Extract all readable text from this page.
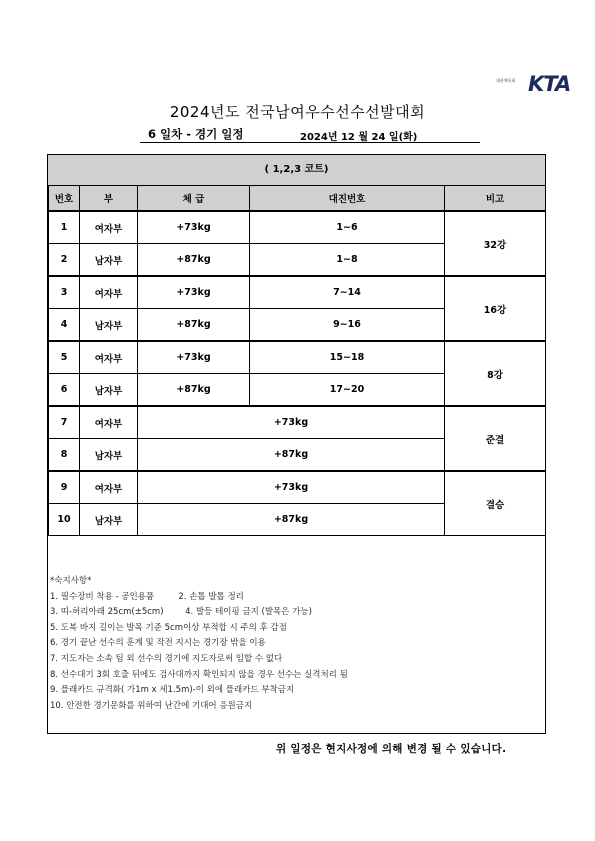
대한체육회 KTA
2024년도 전국남여우수선수선발대회
6 일차 - 경기 일정	2024년 12 월 24 일(화)
( 1,2,3 코트)
번호	부	체 급	대진번호	비고
1	여자부	+73kg	1~6	32강
2	남자부	+87kg	1~8	
3	여자부	+73kg	7~14	16강
4	남자부	+87kg	9~16	
5	여자부	+73kg	15~18	8강
6	남자부	+87kg	17~20	
7	여자부	+73kg		준결
8	남자부	+87kg		
9	여자부	+73kg		결승
10	남자부	+87kg		
*숙지사항*
1. 필수장비 착용 - 공인용품         2. 손톱 발톱 정리
3. 띠-허리아래 25cm(±5cm)        4. 발등 테이핑 금지 (발목은 가능)
5. 도복 바지 길이는 발목 기준 5cm이상 부적합 시 주의 후 감점
6. 경기 끝난 선수의 훈계 및 작전 지시는 경기장 밖을 이용
7. 지도자는 소속 팀 외 선수의 경기에 지도자로써 임할 수 없다
8. 선수대기 3회 호출 뒤에도 검사대까지 확인되지 않을 경우 선수는 실격처리 됨
9. 플래카드 규격화( 가1m x 세1.5m)-이 외에 플래카드 부착금지
10. 안전한 경기문화를 위하여 난간에 기대어 응원금지
위 일정은 현지사정에 의해 변경 될 수 있습니다.
